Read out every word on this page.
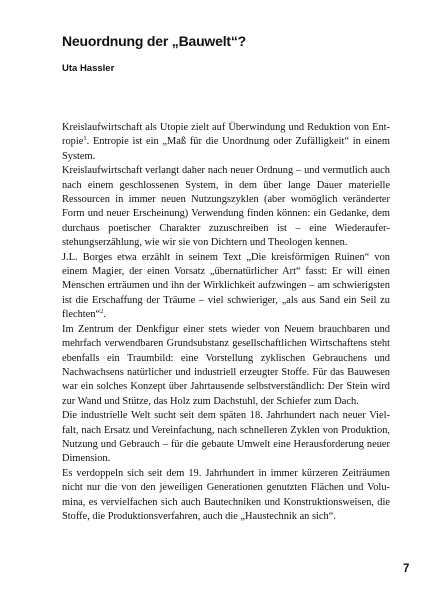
Neuordnung der „Bauwelt“?
Uta Hassler

Kreislaufwirtschaft als Utopie zielt auf Überwindung und Reduktion von Entropie$^1$. Entropie ist ein „Maß für die Unordnung oder Zufälligkeit“ in einem System.

Kreislaufwirtschaft verlangt daher nach neuer Ordnung – und vermutlich auch nach einem geschlossenen System, in dem über lange Dauer materielle Ressourcen in immer neuen Nutzungszyklen (aber womöglich veränderter Form und neuer Erscheinung) Verwendung finden können: ein Gedanke, dem durchaus poetischer Charakter zuzuschreiben ist – eine Wiederauferstehungserzählung, wie wir sie von Dichtern und Theologen kennen.

J.L. Borges etwa erzählt in seinem Text „Die kreisförmigen Ruinen“ von einem Magier, der einen Vorsatz „übernatürlicher Art“ fasst: Er will einen Menschen erträumen und ihn der Wirklichkeit aufzwingen – am schwierigsten ist die Erschaffung der Träume – viel schwieriger, „als aus Sand ein Seil zu flechten“$^2$.

Im Zentrum der Denkfigur einer stets wieder von Neuem brauchbaren und mehrfach verwendbaren Grundsubstanz gesellschaftlichen Wirtschaftens steht ebenfalls ein Traumbild: eine Vorstellung zyklischen Gebrauchens und Nachwachsens natürlicher und industriell erzeugter Stoffe. Für das Bauwesen war ein solches Konzept über Jahrtausende selbstverständlich: Der Stein wird zur Wand und Stütze, das Holz zum Dachstuhl, der Schiefer zum Dach.

Die industrielle Welt sucht seit dem späten 18. Jahrhundert nach neuer Vielfalt, nach Ersatz und Vereinfachung, nach schnelleren Zyklen von Produktion, Nutzung und Gebrauch – für die gebaute Umwelt eine Herausforderung neuer Dimension.

Es verdoppeln sich seit dem 19. Jahrhundert in immer kürzeren Zeiträumen nicht nur die von den jeweiligen Generationen genutzten Flächen und Volumina, es vervielfachen sich auch Bautechniken und Konstruktionsweisen, die Stoffe, die Produktionsverfahren, auch die „Haustechnik an sich“.

7
